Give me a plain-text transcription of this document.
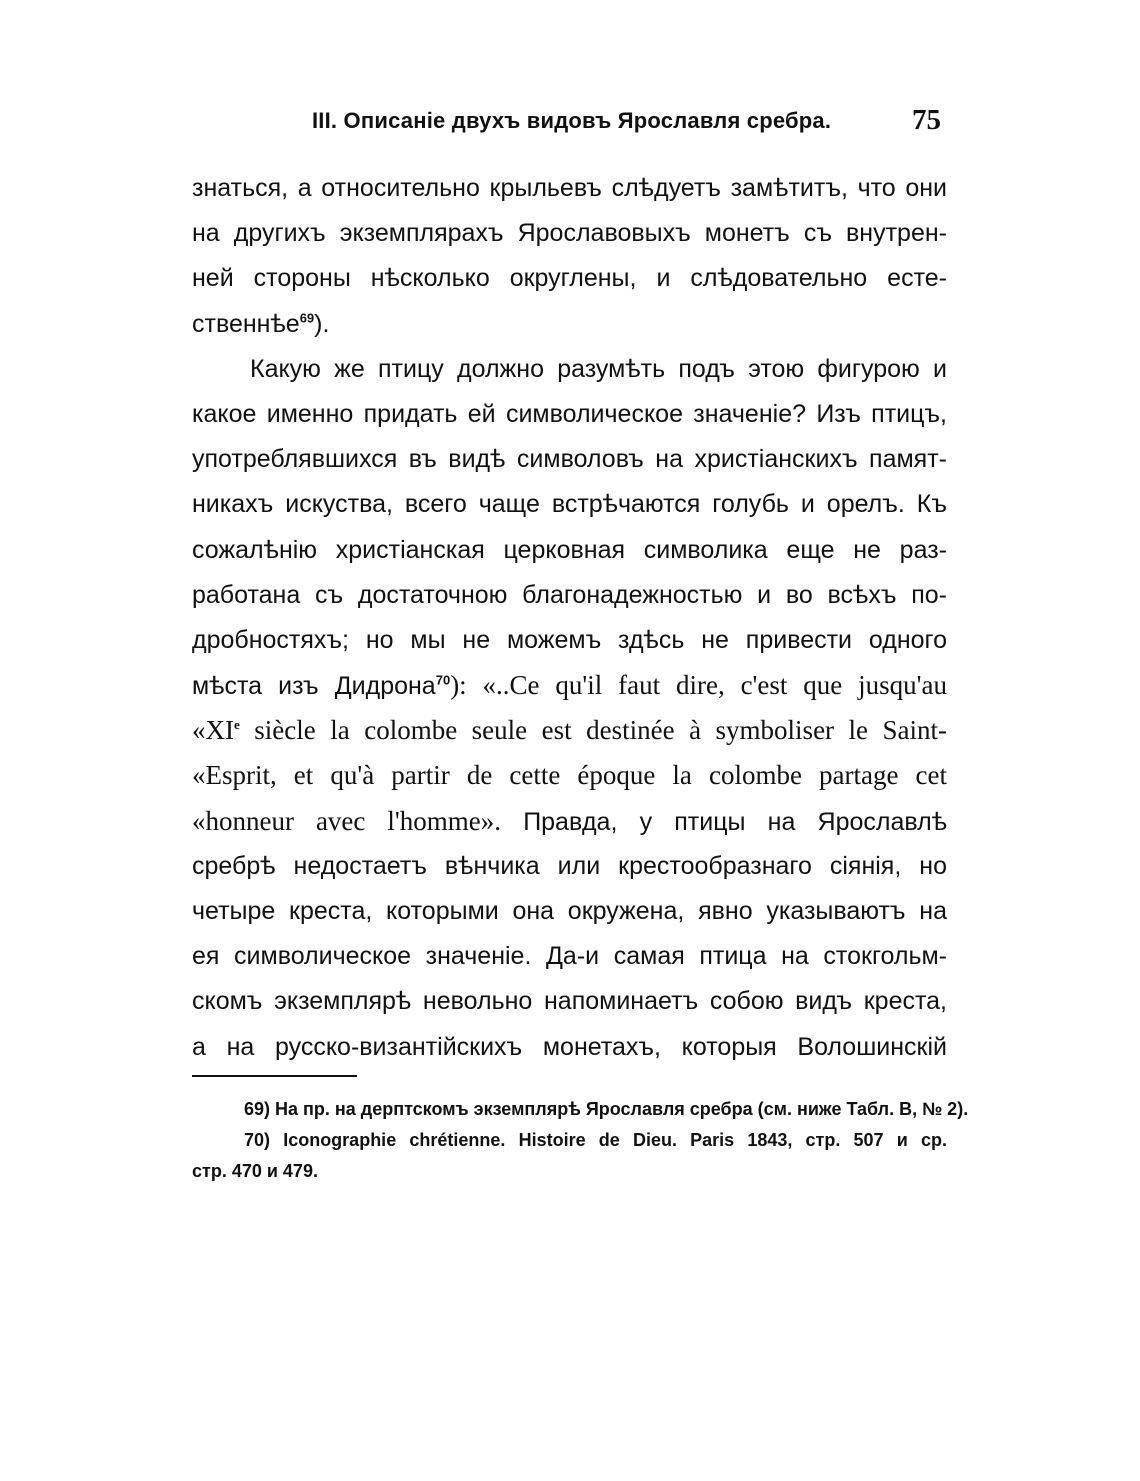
III. Описаніе двухъ видовъ Ярославля сребра.	75
знаться, а относительно крыльевъ слѣдуетъ замѣтитъ, что они
на другихъ экземплярахъ Ярославовыхъ монетъ съ внутрен-
ней стороны нѣсколько округлены, и слѣдовательно есте-
ственнѣе$^{69}$).
Какую же птицу должно разумѣть подъ этою фигурою и
какое именно придать ей символическое значеніе? Изъ птицъ,
употреблявшихся въ видѣ символовъ на христіанскихъ памят-
никахъ искуства, всего чаще встрѣчаются голубь и орелъ. Къ
сожалѣнію христіанская церковная символика еще не раз-
работана съ достаточною благонадежностью и во всѣхъ по-
дробностяхъ; но мы не можемъ здѣсь не привести одного
мѣста изъ Дидрона$^{70}$): «..Ce qu'il faut dire, c'est que jusqu'au
«XIe siècle la colombe seule est destinée à symboliser le Saint-
«Esprit, et qu'à partir de cette époque la colombe partage cet
«honneur avec l'homme». Правда, у птицы на Ярославлѣ
сребрѣ недостаетъ вѣнчика или крестообразнаго сіянія, но
четыре креста, которыми она окружена, явно указываютъ на
ея символическое значеніе. Да-и самая птица на стокгольм-
скомъ экземплярѣ невольно напоминаетъ собою видъ креста,
а на русско-византійскихъ монетахъ, которыя Волошинскій
69) На пр. на дерптскомъ экземплярѣ Ярославля сребра (см. ниже Табл. В, № 2).
70) Iconographie chrétienne. Histoire de Dieu. Paris 1843, стр. 507 и ср.
стр. 470 и 479.
